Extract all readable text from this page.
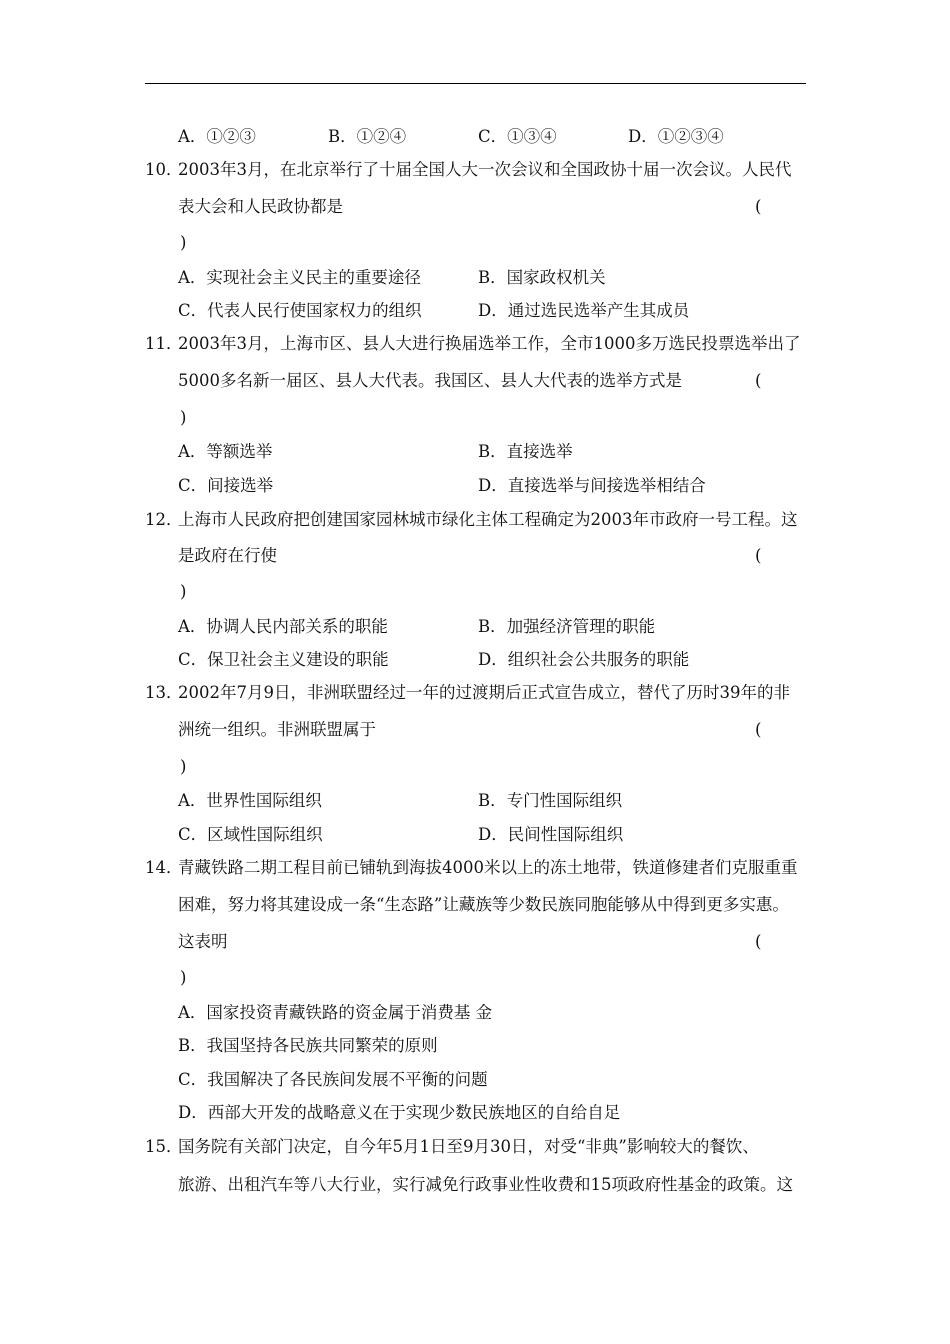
A．①②③	B．①②④	C．①③④	D．①②③④
10．
2003年3月，在北京举行了十届全国人大一次会议和全国政协十届一次会议。人民代
表大会和人民政协都是	(
)
A．实现社会主义民主的重要途径	B．国家政权机关
C．代表人民行使国家权力的组织	D．通过选民选举产生其成员
11．
2003年3月，上海市区、县人大进行换届选举工作，全市1000多万选民投票选举出了
5000多名新一届区、县人大代表。我国区、县人大代表的选举方式是	(
)
A．等额选举	B．直接选举
C．间接选举	D．直接选举与间接选举相结合
12．
上海市人民政府把创建国家园林城市绿化主体工程确定为2003年市政府一号工程。这
是政府在行使	(
)
A．协调人民内部关系的职能	B．加强经济管理的职能
C．保卫社会主义建设的职能	D．组织社会公共服务的职能
13．
2002年7月9日，非洲联盟经过一年的过渡期后正式宣告成立，替代了历时39年的非
洲统一组织。非洲联盟属于	(
)
A．世界性国际组织	B．专门性国际组织
C．区域性国际组织	D．民间性国际组织
14．
青藏铁路二期工程目前已铺轨到海拔4000米以上的冻土地带，铁道修建者们克服重重
困难，努力将其建设成一条“生态路”让藏族等少数民族同胞能够从中得到更多实惠。
这表明	(
)
A．国家投资青藏铁路的资金属于消费基 金
B．我国坚持各民族共同繁荣的原则
C．我国解决了各民族间发展不平衡的问题
D．西部大开发的战略意义在于实现少数民族地区的自给自足
15．
国务院有关部门决定，自今年5月1日至9月30日，对受“非典”影响较大的餐饮、
旅游、出租汽车等八大行业，实行减免行政事业性收费和15项政府性基金的政策。这
